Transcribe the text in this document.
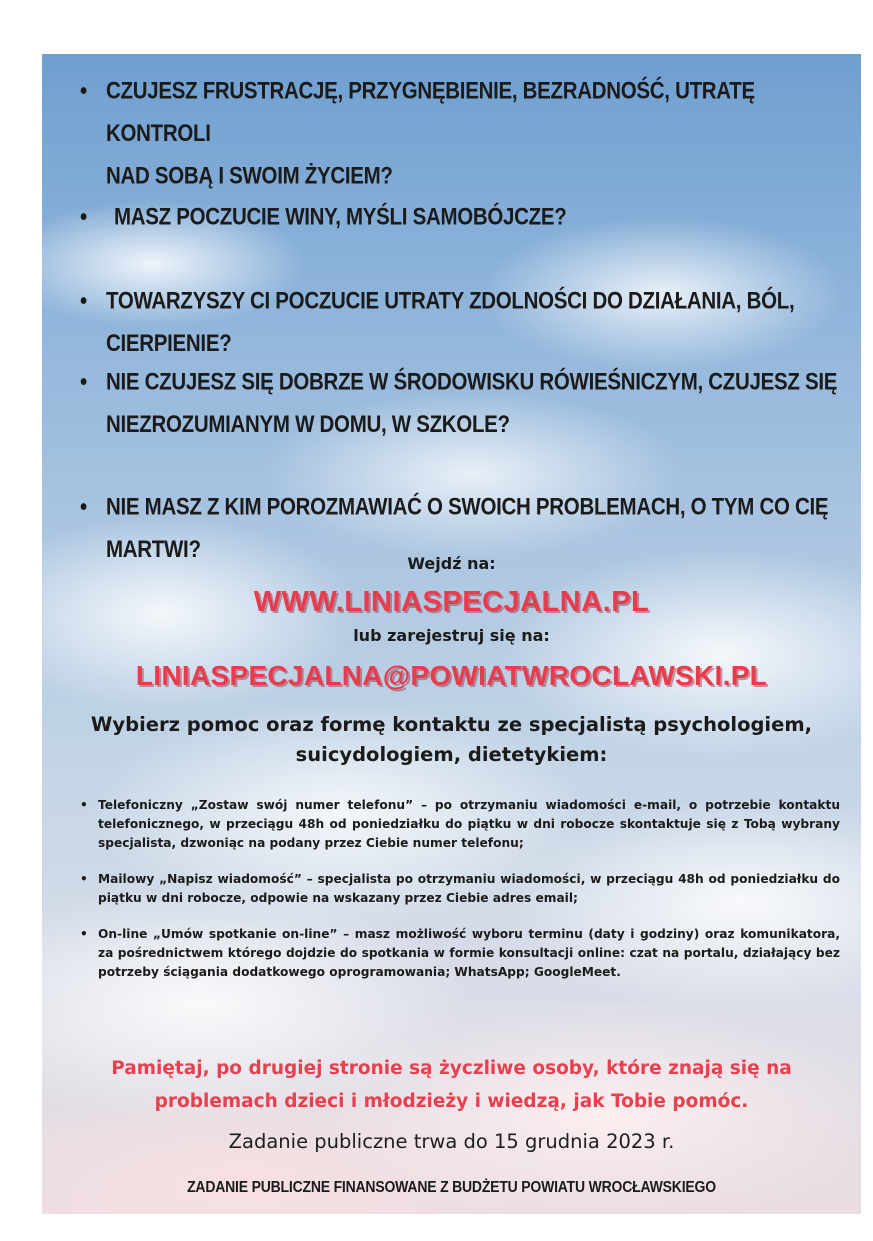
• CZUJESZ FRUSTRACJĘ, PRZYGNĘBIENIE, BEZRADNOŚĆ, UTRATĘ KONTROLI
NAD SOBĄ I SWOIM ŻYCIEM?
•	MASZ POCZUCIE WINY, MYŚLI SAMOBÓJCZE?
• TOWARZYSZY CI POCZUCIE UTRATY ZDOLNOŚCI DO DZIAŁANIA, BÓL, CIERPIENIE?
• NIE CZUJESZ SIĘ DOBRZE W ŚRODOWISKU RÓWIEŚNICZYM, CZUJESZ SIĘ
NIEZROZUMIANYM W DOMU, W SZKOLE?
• NIE MASZ Z KIM POROZMAWIAĆ O SWOICH PROBLEMACH, O TYM CO CIĘ MARTWI?
Wejdź na:
WWW.LINIASPECJALNA.PL
lub zarejestruj się na:
LINIASPECJALNA@POWIATWROCLAWSKI.PL
Wybierz pomoc oraz formę kontaktu ze specjalistą psychologiem, suicydologiem, dietetykiem:
• Telefoniczny „Zostaw swój numer telefonu” – po otrzymaniu wiadomości e-mail, o potrzebie kontaktu telefonicznego, w przeciągu 48h od poniedziałku do piątku w dni robocze skontaktuje się z Tobą wybrany specjalista, dzwoniąc na podany przez Ciebie numer telefonu;
• Mailowy „Napisz wiadomość” – specjalista po otrzymaniu wiadomości, w przeciągu 48h od poniedziałku do piątku w dni robocze, odpowie na wskazany przez Ciebie adres email;
• On-line „Umów spotkanie on-line” – masz możliwość wyboru terminu (daty i godziny) oraz komunikatora, za pośrednictwem którego dojdzie do spotkania w formie konsultacji online: czat na portalu, działający bez potrzeby ściągania dodatkowego oprogramowania; WhatsApp; GoogleMeet.
Pamiętaj, po drugiej stronie są życzliwe osoby, które znają się na problemach dzieci i młodzieży i wiedzą, jak Tobie pomóc.
Zadanie publiczne trwa do 15 grudnia 2023 r.
ZADANIE PUBLICZNE FINANSOWANE Z BUDŻETU POWIATU WROCŁAWSKIEGO
